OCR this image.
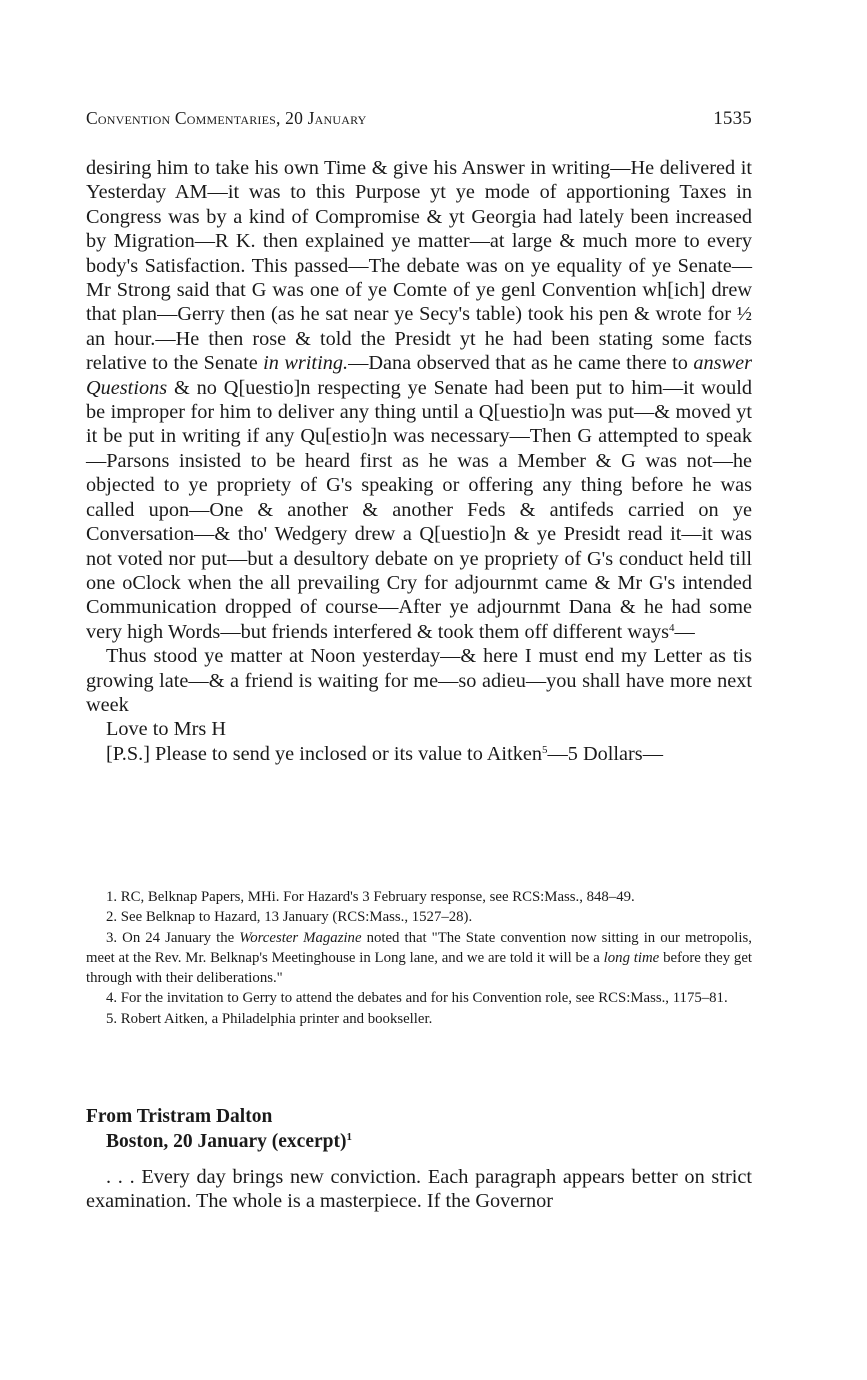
Convention Commentaries, 20 January	1535

desiring him to take his own Time & give his Answer in writing—He delivered it Yesterday AM—it was to this Purpose yt ye mode of apportioning Taxes in Congress was by a kind of Compromise & yt Georgia had lately been increased by Migration—R K. then explained ye matter—at large & much more to every body's Satisfaction. This passed—The debate was on ye equality of ye Senate—Mr Strong said that G was one of ye Comte of ye genl Convention wh[ich] drew that plan—Gerry then (as he sat near ye Secy's table) took his pen & wrote for ½ an hour.—He then rose & told the Presidt yt he had been stating some facts relative to the Senate in writing.—Dana observed that as he came there to answer Questions & no Q[uestio]n respecting ye Senate had been put to him—it would be improper for him to deliver any thing until a Q[uestio]n was put—& moved yt it be put in writing if any Qu[estio]n was necessary—Then G attempted to speak—Parsons insisted to be heard first as he was a Member & G was not—he objected to ye propriety of G's speaking or offering any thing before he was called upon—One & another & another Feds & antifeds carried on ye Conversation—& tho' Wedgery drew a Q[uestio]n & ye Presidt read it—it was not voted nor put—but a desultory debate on ye propriety of G's conduct held till one oClock when the all prevailing Cry for adjournmt came & Mr G's intended Communication dropped of course—After ye adjournmt Dana & he had some very high Words—but friends interfered & took them off different ways$^4$—

Thus stood ye matter at Noon yesterday—& here I must end my Letter as tis growing late—& a friend is waiting for me—so adieu—you shall have more next week

Love to Mrs H

[P.S.] Please to send ye inclosed or its value to Aitken$^5$—5 Dollars—

1. RC, Belknap Papers, MHi. For Hazard's 3 February response, see RCS:Mass., 848–49.

2. See Belknap to Hazard, 13 January (RCS:Mass., 1527–28).

3. On 24 January the Worcester Magazine noted that "The State convention now sitting in our metropolis, meet at the Rev. Mr. Belknap's Meetinghouse in Long lane, and we are told it will be a long time before they get through with their deliberations."

4. For the invitation to Gerry to attend the debates and for his Convention role, see RCS:Mass., 1175–81.

5. Robert Aitken, a Philadelphia printer and bookseller.

From Tristram Dalton
Boston, 20 January (excerpt)$^1$

. . . Every day brings new conviction. Each paragraph appears better on strict examination. The whole is a masterpiece. If the Governor
